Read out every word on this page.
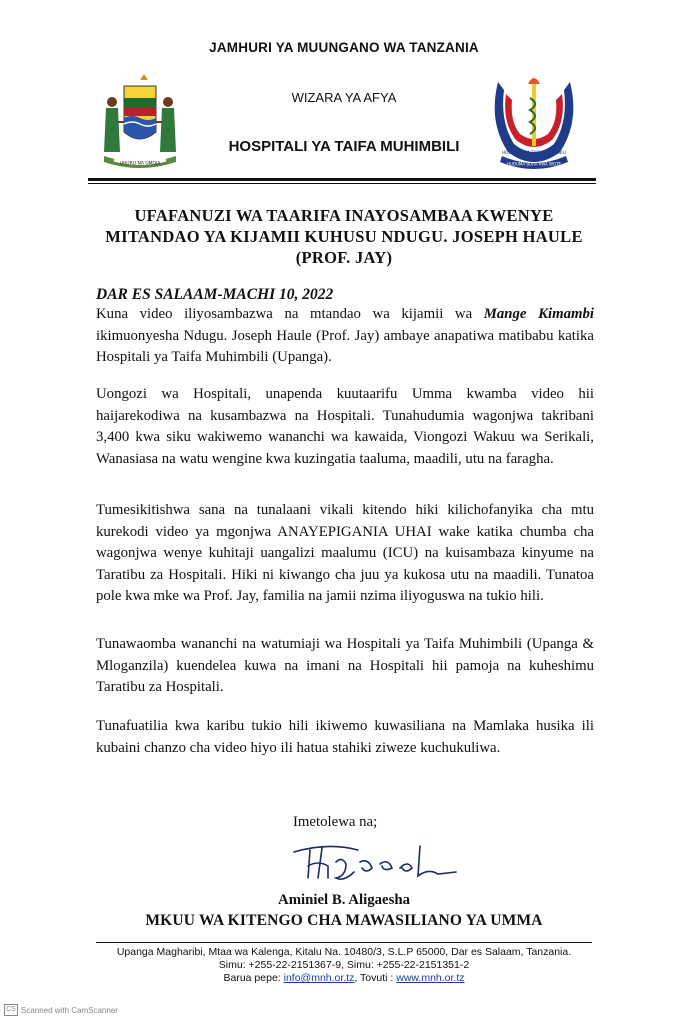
JAMHURI YA MUUNGANO WA TANZANIA
WIZARA YA AFYA
HOSPITALI YA TAIFA MUHIMBILI
UHURU NA UMOJA
HOSPITALI YA TAIFA MUHIMBILI
HUDUMA BORA KWA WOTE
UFAFANUZI WA TAARIFA INAYOSAMBAA KWENYE
MITANDAO YA KIJAMII KUHUSU NDUGU. JOSEPH HAULE
(PROF. JAY)
DAR ES SALAAM-MACHI 10, 2022
Kuna video iliyosambazwa na mtandao wa kijamii wa Mange Kimambi ikimuonyesha Ndugu. Joseph Haule (Prof. Jay) ambaye anapatiwa matibabu katika Hospitali ya Taifa Muhimbili (Upanga).
Uongozi wa Hospitali, unapenda kuutaarifu Umma kwamba video hii haijarekodiwa na kusambazwa na Hospitali. Tunahudumia wagonjwa takribani 3,400 kwa siku wakiwemo wananchi wa kawaida, Viongozi Wakuu wa Serikali, Wanasiasa na watu wengine kwa kuzingatia taaluma, maadili, utu na faragha.
Tumesikitishwa sana na tunalaani vikali kitendo hiki kilichofanyika cha mtu kurekodi video ya mgonjwa ANAYEPIGANIA UHAI wake katika chumba cha wagonjwa wenye kuhitaji uangalizi maalumu (ICU) na kuisambaza kinyume na Taratibu za Hospitali. Hiki ni kiwango cha juu ya kukosa utu na maadili. Tunatoa pole kwa mke wa Prof. Jay, familia na jamii nzima iliyoguswa na tukio hili.
Tunawaomba wananchi na watumiaji wa Hospitali ya Taifa Muhimbili (Upanga & Mloganzila) kuendelea kuwa na imani na Hospitali hii pamoja na kuheshimu Taratibu za Hospitali.
Tunafuatilia kwa karibu tukio hili ikiwemo kuwasiliana na Mamlaka husika ili kubaini chanzo cha video hiyo ili hatua stahiki ziweze kuchukuliwa.
Imetolewa na;
Aminiel B. Aligaesha
MKUU WA KITENGO CHA MAWASILIANO YA UMMA
Upanga Magharibi, Mtaa wa Kalenga, Kitalu Na. 10480/3, S.L.P 65000, Dar es Salaam, Tanzania.
Simu: +255-22-2151367-9, Simu: +255-22-2151351-2
Barua pepe: info@mnh.or.tz, Tovuti : www.mnh.or.tz
CS Scanned with CamScanner
